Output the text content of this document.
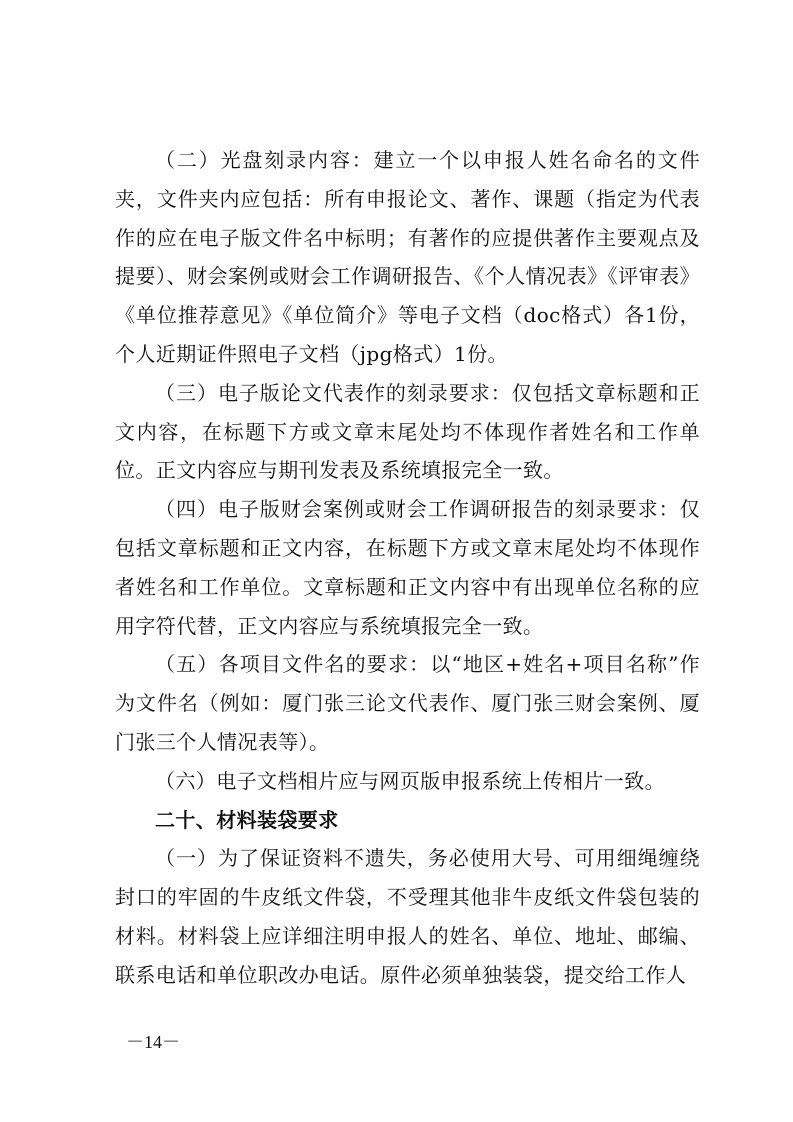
（二）光盘刻录内容：建立一个以申报人姓名命名的文件夹，文件夹内应包括：所有申报论文、著作、课题（指定为代表作的应在电子版文件名中标明；有著作的应提供著作主要观点及提要）、财会案例或财会工作调研报告、《个人情况表》《评审表》《单位推荐意见》《单位简介》等电子文档（doc格式）各1份，个人近期证件照电子文档（jpg格式）1份。

（三）电子版论文代表作的刻录要求：仅包括文章标题和正文内容，在标题下方或文章末尾处均不体现作者姓名和工作单位。正文内容应与期刊发表及系统填报完全一致。

（四）电子版财会案例或财会工作调研报告的刻录要求：仅包括文章标题和正文内容，在标题下方或文章末尾处均不体现作者姓名和工作单位。文章标题和正文内容中有出现单位名称的应用字符代替，正文内容应与系统填报完全一致。

（五）各项目文件名的要求：以“地区+姓名+项目名称”作为文件名（例如：厦门张三论文代表作、厦门张三财会案例、厦门张三个人情况表等）。

（六）电子文档相片应与网页版申报系统上传相片一致。

二十、材料装袋要求

（一）为了保证资料不遗失，务必使用大号、可用细绳缠绕封口的牢固的牛皮纸文件袋，不受理其他非牛皮纸文件袋包装的材料。材料袋上应详细注明申报人的姓名、单位、地址、邮编、联系电话和单位职改办电话。原件必须单独装袋，提交给工作人

－14－
